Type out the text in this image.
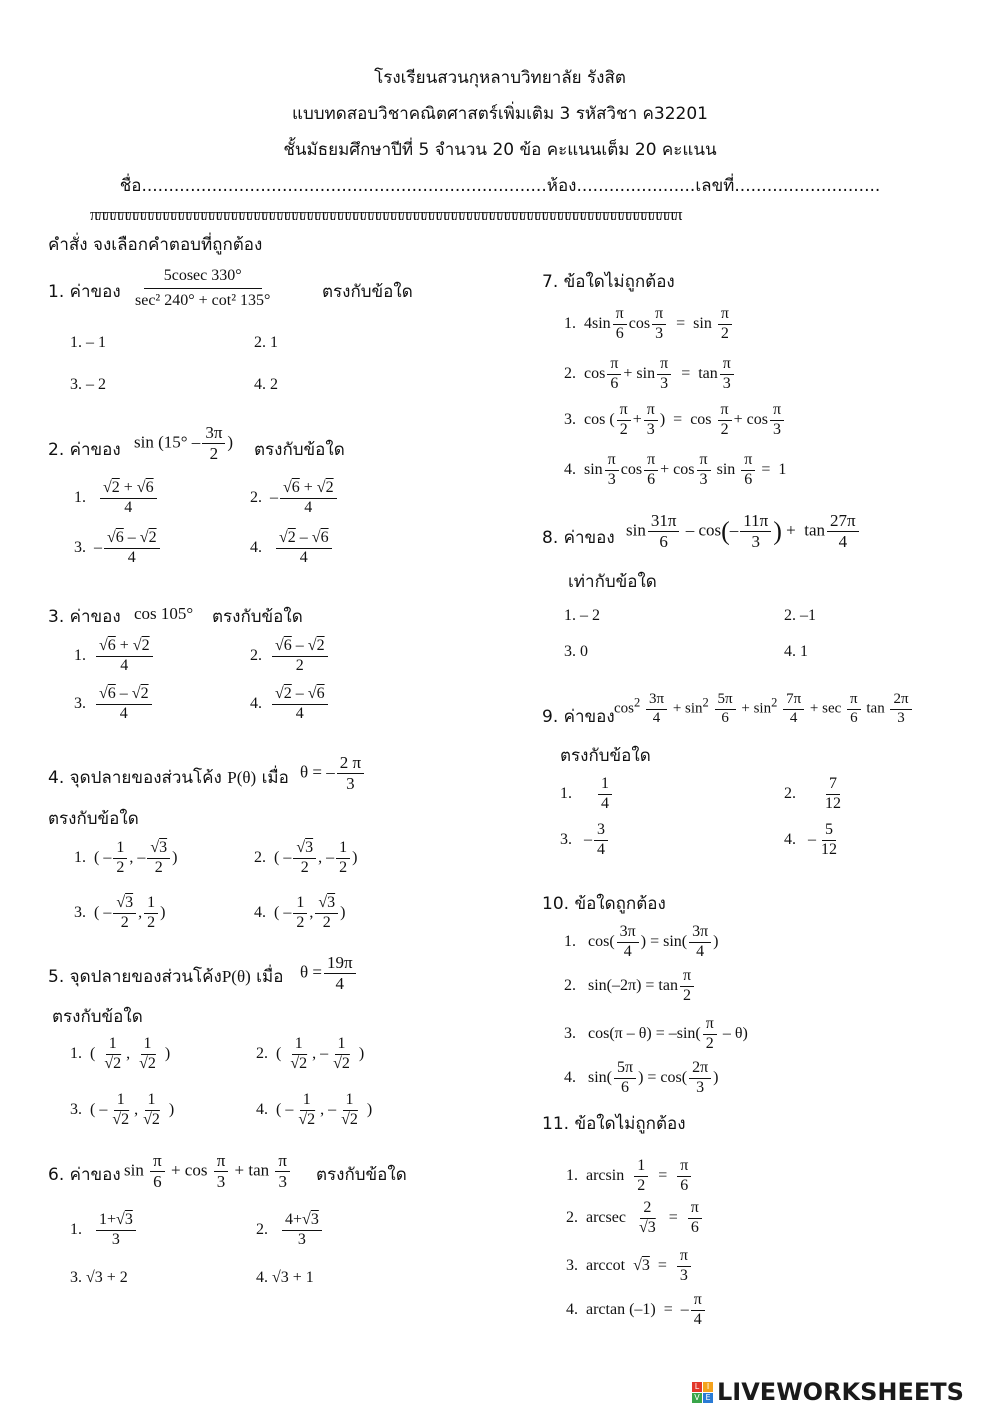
โรงเรียนสวนกุหลาบวิทยาลัย รังสิต
แบบทดสอบวิชาคณิตศาสตร์เพิ่มเติม 3 รหัสวิชา ค32201
ชั้นมัธยมศึกษาปีที่ 5 จำนวน 20 ข้อ คะแนนเต็ม 20 คะแนน
ชื่อ...........................................................................ห้อง......................เลขที่...........................
ππππππππππππππππππππππππππππππππππππππππππππππππππππππππππππππππππππππππππππππ
คำสั่ง จงเลือกคำตอบที่ถูกต้อง
1. ค่าของ $\frac{5cosec 330^\circ}{\text{sec² 240° + cot² 135°}}$	ตรงกับข้อใด
1. – 1	2. 1
3. – 2	4. 2
2. ค่าของ $\sin (15^\circ - \frac{3\pi}{2}$ ) ตรงกับข้อใด
1. $\frac{√2 + √6}{4}$	2.  – $\frac{√6 + √2}{4}$
3.  – $\frac{√6 - √2}{4}$	4. $\frac{√2 - √6}{4}$
3. ค่าของ cos 105° ตรงกับข้อใด
1. $\frac{√6 + √2}{4}$	2. $\frac{√6 - √2}{2}$
3. $\frac{√6 - √2}{4}$	4. $\frac{√2 - √6}{4}$
4. จุดปลายของส่วนโค้ง P(θ) เมื่อ θ = – $\frac{2 \pi}{3}$
ตรงกับข้อใด
1.  ( – $\frac{1}{2}$ , – $\frac{√3}{2}$ )	2.  ( – $\frac{√3}{2}$ , – $\frac{1}{2}$ )
3.  ( – $\frac{√3}{2}$ , $\frac{1}{2}$ )	4.  ( – $\frac{1}{2}$ , $\frac{√3}{2}$ )
5. จุดปลายของส่วนโค้งP(θ) เมื่อ $\theta = \frac{19\pi}{4}$
ตรงกับข้อใด
1.  ( $\frac{1}{√2}$ , $\frac{1}{√2}$ )	2.  ( $\frac{1}{√2}$ , – $\frac{1}{√2}$ )
3.  ( – $\frac{1}{√2}$ , $\frac{1}{√2}$ )	4.  ( – $\frac{1}{√2}$ , – $\frac{1}{√2}$ )
6. ค่าของ $\sin \frac{\pi}{6} + \cos \frac{\pi}{3} + \tan \frac{\pi}{3}$ ตรงกับข้อใด
1. $\frac{1+√3}{3}$	2. $\frac{4+√3}{3}$
3. √3 + 2	4. √3 + 1
7. ข้อใดไม่ถูกต้อง
1.  $4\sin \frac{\pi}{6}$ $\cos \frac{\pi}{3} = \sin \frac{\pi}{2}$
2.  $\cos \frac{\pi}{6} + \sin \frac{\pi}{3} = \tan \frac{\pi}{3}$
3.  cos ( $\frac{\pi}{2} + \frac{\pi}{3}$ )  =  $\cos \frac{\pi}{2} + \cos \frac{\pi}{3}$
4.  $\sin \frac{\pi}{3}$ $\cos \frac{\pi}{6} + \cos \frac{\pi}{3}$ $\sin \frac{\pi}{6} = 1$
8. ค่าของ $\sin \frac{31\pi}{6} - \cos(- \frac{11\pi}{3}$ ) +  $\tan \frac{27\pi}{4}$
เท่ากับข้อใด
1. – 2	2. –1
3. 0	4. 1
9. ค่าของ $\cos^2 \frac{3\pi}{4} + \sin^2 \frac{5\pi}{6} + \sin^2 \frac{7\pi}{4} + \sec \frac{\pi}{6}$ $\tan \frac{2\pi}{3}$
ตรงกับข้อใด
1. $\frac{1}{4}$	2. $\frac{7}{12}$
3.   – $\frac{3}{4}$	4.   – $\frac{5}{12}$
10. ข้อใดถูกต้อง
1.   $\cos( \frac{3\pi}{4}$ ) = $\sin( \frac{3\pi}{4}$ )
2.   $\sin(-2\pi) = \tan \frac{\pi}{2}$
3.   $\cos(\pi - \theta) = -\sin( \frac{\pi}{2} - \theta)$
4.   $\sin( \frac{5\pi}{6}$ ) = $\cos( \frac{2\pi}{3}$ )
11. ข้อใดไม่ถูกต้อง
1.  $\arcsin \frac{1}{2} = \frac{\pi}{6}$
2.  arcsec $\frac{2}{√3} = \frac{\pi}{6}$
3.  arccot  $√3 = \frac{\pi}{3}$
4.  arctan (–1)  =  – $\frac{\pi}{4}$
L I
V E LIVEWORKSHEETS
